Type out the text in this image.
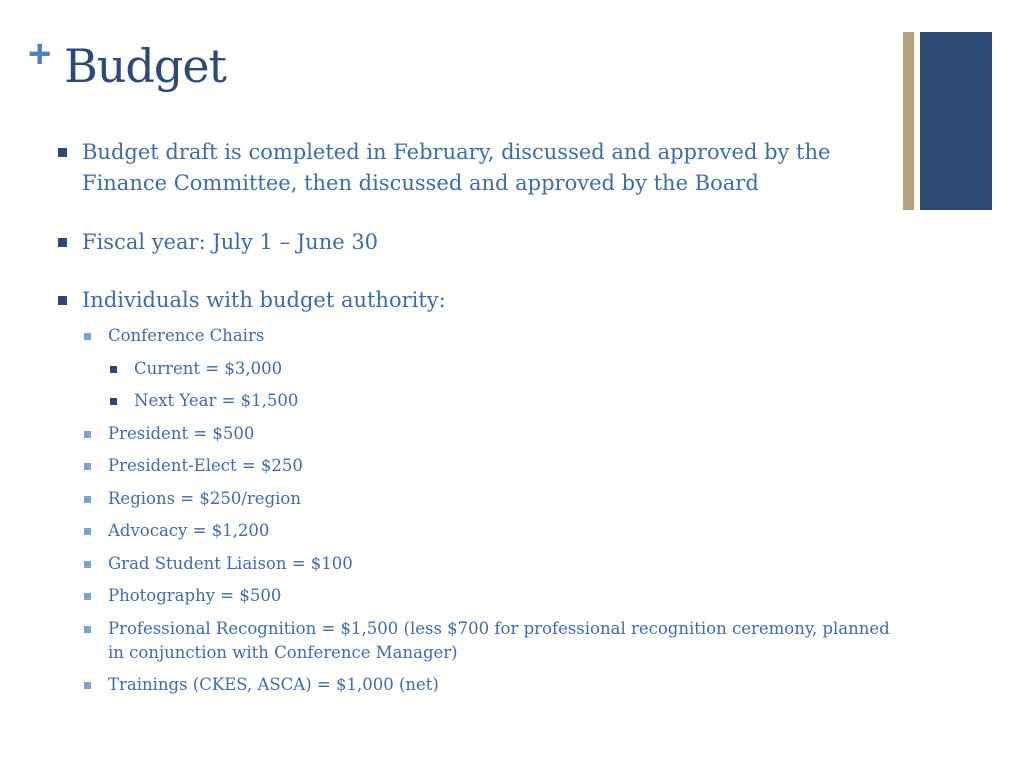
+ Budget
Budget draft is completed in February, discussed and approved by the Finance Committee, then discussed and approved by the Board
Fiscal year: July 1 – June 30
Individuals with budget authority:
Conference Chairs
Current = $3,000
Next Year = $1,500
President = $500
President-Elect = $250
Regions = $250/region
Advocacy = $1,200
Grad Student Liaison = $100
Photography = $500
Professional Recognition = $1,500 (less $700 for professional recognition ceremony, planned in conjunction with Conference Manager)
Trainings (CKES, ASCA) = $1,000 (net)
